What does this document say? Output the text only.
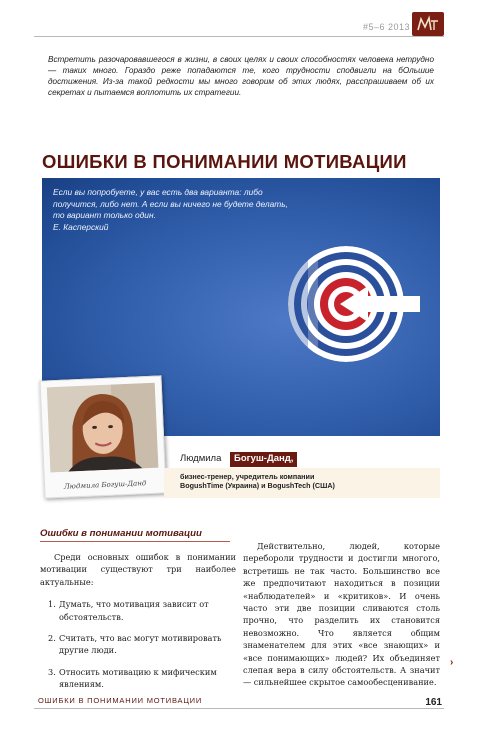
#5–6 2013

Встретить разочаровавшегося в жизни, в своих целях и своих способностях человека нетрудно — таких много. Гораздо реже попадаются те, кого трудности сподвигли на бОльшие достижения. Из-за такой редкости мы много говорим об этих людях, расспрашиваем об их секретах и пытаемся воплотить их стратегии.

ОШИБКИ В ПОНИМАНИИ МОТИВАЦИИ
Если вы попробуете, у вас есть два варианта: либо получится, либо нет. А если вы ничего не будете делать, то вариант только один.
Е. Касперский
Людмила Богуш-Данд
Людмила	Богуш-Данд,
бизнес-тренер, учредитель компании
BogushTime (Украина) и BogushTech (США)
Ошибки в понимании мотивации

Среди основных ошибок в понимании мотивации существуют три наиболее актуальные:

1. Думать, что мотивация зависит от обстоятельств.
2. Считать, что вас могут мотивировать другие люди.
3. Относить мотивацию к мифическим явлениям.

Действительно, людей, которые перебороли трудности и достигли многого, встретишь не так часто. Большинство все же предпочитают находиться в позиции «наблюдателей» и «критиков». И очень часто эти две позиции сливаются столь прочно, что разделить их становится невозможно. Что является общим знаменателем для этих «все знающих» и «все понимающих» людей? Их объединяет слепая вера в силу обстоятельств. А значит — сильнейшее скрытое самообесценивание.

›
ОШИБКИ В ПОНИМАНИИ МОТИВАЦИИ	161
